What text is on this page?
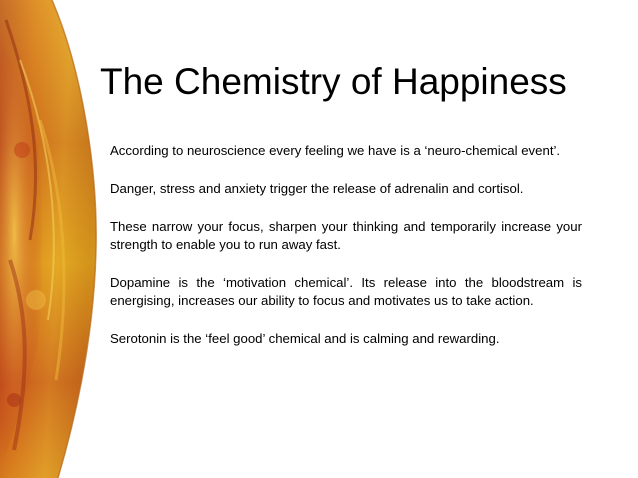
The Chemistry of Happiness

According to neuroscience every feeling we have is a ‘neuro-chemical event’.

Danger, stress and anxiety trigger the release of adrenalin and cortisol.

These narrow your focus, sharpen your thinking and temporarily increase your strength to enable you to run away fast.

Dopamine is the ‘motivation chemical’. Its release into the bloodstream is energising, increases our ability to focus and motivates us to take action.

Serotonin is the ‘feel good’ chemical and is calming and rewarding.
